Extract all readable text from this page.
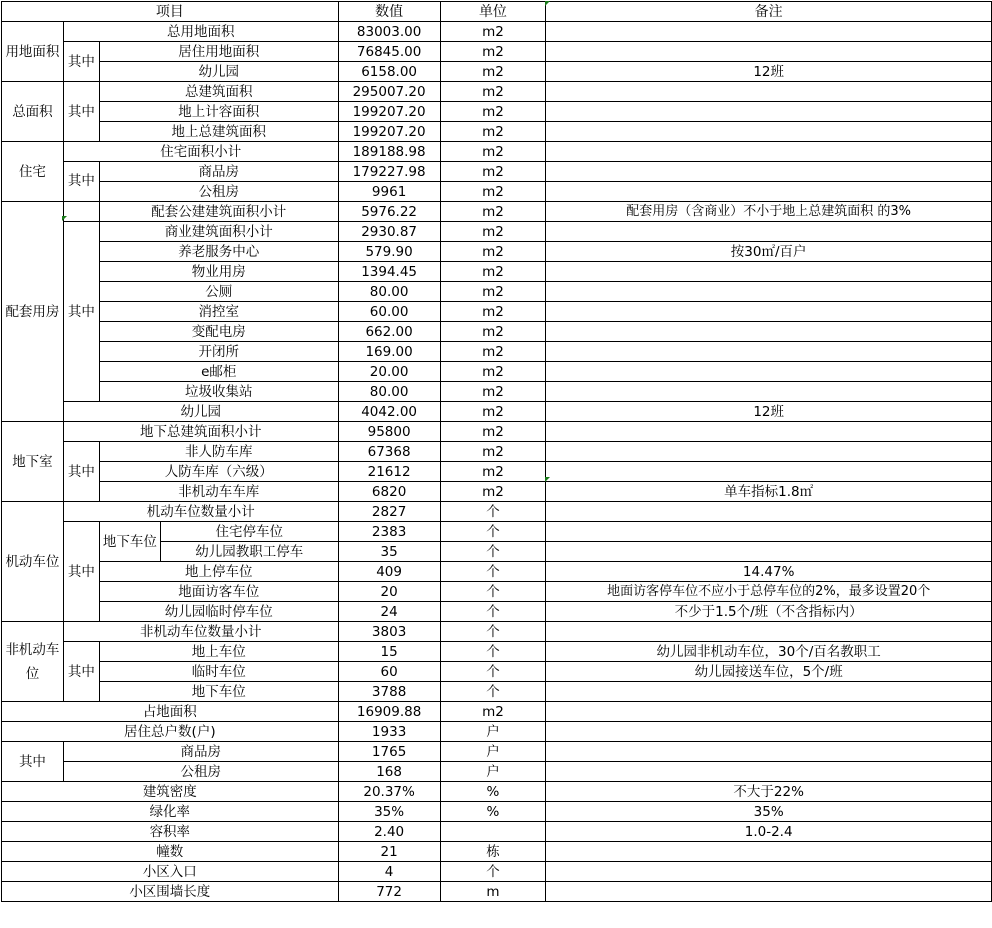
项目				数值	单位	备注
用地面积	总用地面积			83003.00	m2	
	其中	居住用地面积		76845.00	m2	
		幼儿园		6158.00	m2	12班
总面积	其中	总建筑面积		295007.20	m2	
		地上计容面积		199207.20	m2	
		地上总建筑面积		199207.20	m2	
住宅	住宅面积小计			189188.98	m2	
	其中	商品房		179227.98	m2	
		公租房		9961	m2	
配套用房		配套公建建筑面积小计		5976.22	m2	配套用房（含商业）不小于地上总建筑面积 的3%
	其中	商业建筑面积小计		2930.87	m2	
		养老服务中心		579.90	m2	按30㎡/百户
		物业用房		1394.45	m2	
		公厕		80.00	m2	
		消控室		60.00	m2	
		变配电房		662.00	m2	
		开闭所		169.00	m2	
		e邮柜		20.00	m2	
		垃圾收集站		80.00	m2	
	幼儿园			4042.00	m2	12班
地下室	地下总建筑面积小计			95800	m2	
	其中	非人防车库		67368	m2	
		人防车库（六级）		21612	m2	
		非机动车车库		6820	m2	单车指标1.8㎡
机动车位	机动车位数量小计			2827	个	
	其中	地下车位	住宅停车位	2383	个	
			幼儿园教职工停车	35	个	
		地上停车位		409	个	14.47%
		地面访客车位		20	个	地面访客停车位不应小于总停车位的2%，最多设置20个
		幼儿园临时停车位		24	个	不少于1.5个/班（不含指标内）
非机动车位	非机动车位数量小计			3803	个	
	其中	地上车位		15	个	幼儿园非机动车位，30个/百名教职工
		临时车位		60	个	幼儿园接送车位，5个/班
		地下车位		3788	个	
占地面积				16909.88	m2	
居住总户数(户)				1933	户	
其中	商品房			1765	户	
	公租房			168	户	
建筑密度				20.37%	%	不大于22%
绿化率				35%	%	35%
容积率				2.40		1.0-2.4
幢数				21	栋	
小区入口				4	个	
小区围墙长度				772	m	
